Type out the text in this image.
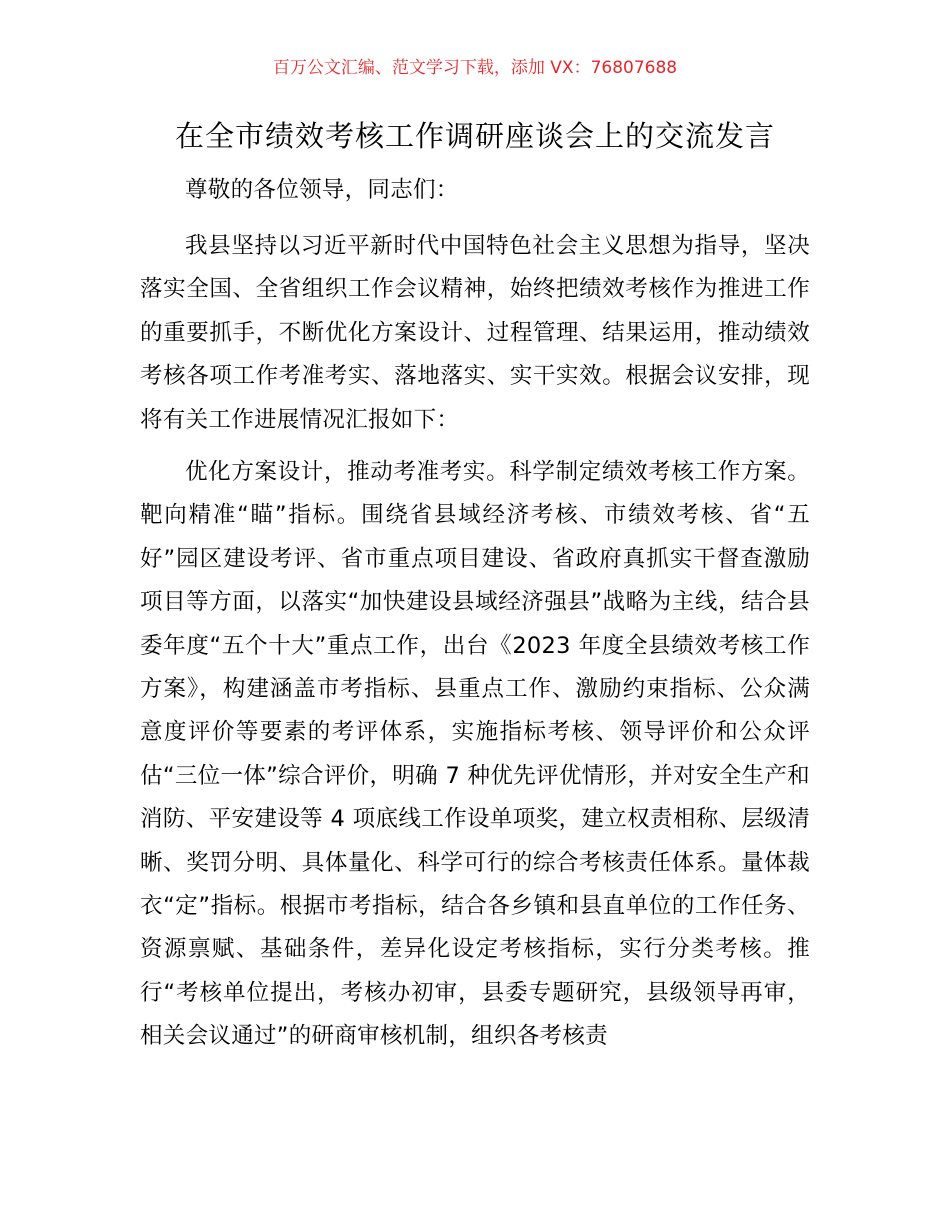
百万公文汇编、范文学习下载，添加 VX：76807688
在全市绩效考核工作调研座谈会上的交流发言

尊敬的各位领导，同志们：

我县坚持以习近平新时代中国特色社会主义思想为指导，坚决落实全国、全省组织工作会议精神，始终把绩效考核作为推进工作的重要抓手，不断优化方案设计、过程管理、结果运用，推动绩效考核各项工作考准考实、落地落实、实干实效。根据会议安排，现将有关工作进展情况汇报如下：

优化方案设计，推动考准考实。科学制定绩效考核工作方案。靶向精准“瞄”指标。围绕省县域经济考核、市绩效考核、省“五好”园区建设考评、省市重点项目建设、省政府真抓实干督查激励项目等方面，以落实“加快建设县域经济强县”战略为主线，结合县委年度“五个十大”重点工作，出台《2023 年度全县绩效考核工作方案》，构建涵盖市考指标、县重点工作、激励约束指标、公众满意度评价等要素的考评体系，实施指标考核、领导评价和公众评估“三位一体”综合评价，明确 7 种优先评优情形，并对安全生产和消防、平安建设等 4 项底线工作设单项奖，建立权责相称、层级清晰、奖罚分明、具体量化、科学可行的综合考核责任体系。量体裁衣“定”指标。根据市考指标，结合各乡镇和县直单位的工作任务、资源禀赋、基础条件，差异化设定考核指标，实行分类考核。推行“考核单位提出，考核办初审，县委专题研究，县级领导再审，相关会议通过”的研商审核机制，组织各考核责
